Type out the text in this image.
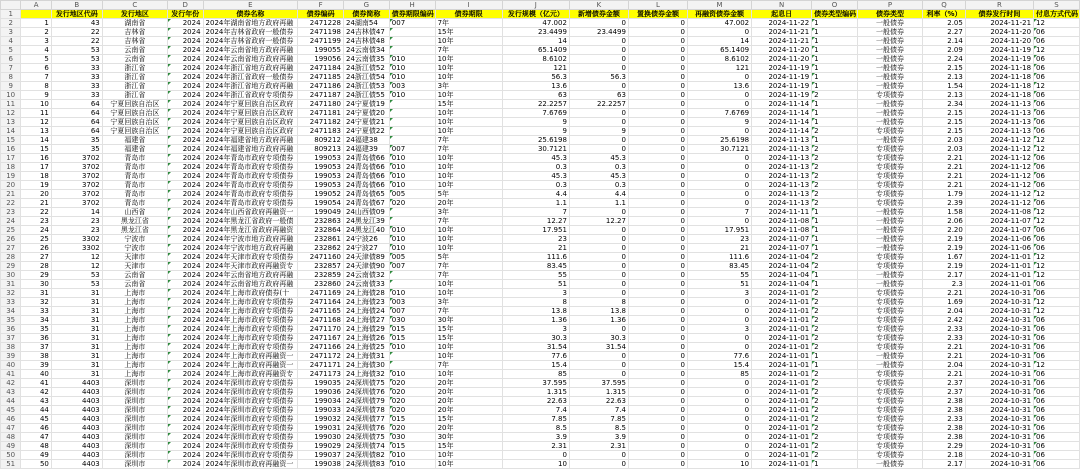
	A	B	C	D	E	F	G	H	I	J	K	L	M	N	O	P	Q	R	S
1		发行地区代码	发行地区	发行年份	债券名称	债券编码	债券简称	债券期限编码	债券期限	发行规模（亿元）	新增债券金额	置换债券金额	再融资债券金额	起息日	债券类型编码	债券类型	利率（%）	债券发行时间	付息方式代码
2	1	43	湖南省	2024	2024年湖南省地方政府再融	2471228	24湖南54	007	7年	47.002	0	0	47.002	2024-11-22	1	一般债券	2.05	2024-11-21	12
3	2	22	吉林省	2024	2024年吉林省政府一般债券	2471198	24吉林债47		15年	23.4499	23.4499	0	0	2024-11-21	1	一般债券	2.27	2024-11-20	06
4	3	22	吉林省	2024	2024年吉林省政府一般债券	2471199	24吉林债48		10年	14	0	0	14	2024-11-21	1	一般债券	2.14	2024-11-20	06
5	4	53	云南省	2024	2024年云南省地方政府再融	199055	24云南债34		7年	65.1409	0	0	65.1409	2024-11-20	1	一般债券	2.09	2024-11-19	12
6	5	53	云南省	2024	2024年云南省地方政府再融	199056	24云南债35	010	10年	8.6102	0	0	8.6102	2024-11-20	1	一般债券	2.24	2024-11-19	06
7	6	33	浙江省	2024	2024年浙江省地方政府再融	2471184	24浙江债52	010	10年	121	0	0	121	2024-11-19	1	一般债券	2.15	2024-11-18	06
8	7	33	浙江省	2024	2024年浙江省政府一般债券	2471185	24浙江债54	010	10年	56.3	56.3	0	0	2024-11-19	1	一般债券	2.13	2024-11-18	06
9	8	33	浙江省	2024	2024年浙江省地方政府再融	2471186	24浙江债53	003	3年	13.6	0	0	13.6	2024-11-19	1	一般债券	1.54	2024-11-18	12
10	9	33	浙江省	2024	2024年浙江省政府专项债券	2471187	24浙江债55	010	10年	63	63	0	0	2024-11-19	2	专项债券	2.13	2024-11-18	06
11	10	64	宁夏回族自治区	2024	2024年宁夏回族自治区政府	2471180	24宁夏债19		15年	22.2257	22.2257	0	0	2024-11-14	1	一般债券	2.34	2024-11-13	06
12	11	64	宁夏回族自治区	2024	2024年宁夏回族自治区政府	2471181	24宁夏债20		10年	7.6769	0	0	7.6769	2024-11-14	1	一般债券	2.15	2024-11-13	06
13	12	64	宁夏回族自治区	2024	2024年宁夏回族自治区政府	2471182	24宁夏债21		10年	9	0	0	9	2024-11-14	1	一般债券	2.15	2024-11-13	06
14	13	64	宁夏回族自治区	2024	2024年宁夏回族自治区政府	2471183	24宁夏债22		10年	9	9	0	0	2024-11-14	2	专项债券	2.15	2024-11-13	06
15	14	35	福建省	2024	2024年福建省地方政府再融	809212	24福建38		7年	25.6198	0	0	25.6198	2024-11-13	1	一般债券	2.03	2024-11-12	12
16	15	35	福建省	2024	2024年福建省地方政府再融	809213	24福建39	007	7年	30.7121	0	0	30.7121	2024-11-13	2	专项债券	2.03	2024-11-12	12
17	16	3702	青岛市	2024	2024年青岛市政府专项债券	199053	24青岛债66	010	10年	45.3	45.3	0	0	2024-11-13	2	专项债券	2.21	2024-11-12	06
18	17	3702	青岛市	2024	2024年青岛市政府专项债券	199053	24青岛债66	010	10年	0.3	0.3	0	0	2024-11-13	2	专项债券	2.21	2024-11-12	06
19	18	3702	青岛市	2024	2024年青岛市政府专项债券	199053	24青岛债66	010	10年	45.3	45.3	0	0	2024-11-13	2	专项债券	2.21	2024-11-12	06
20	19	3702	青岛市	2024	2024年青岛市政府专项债券	199053	24青岛债66	010	10年	0.3	0.3	0	0	2024-11-13	2	专项债券	2.21	2024-11-12	06
21	20	3702	青岛市	2024	2024年青岛市政府专项债券	199052	24青岛债65	005	5年	4.4	4.4	0	0	2024-11-13	2	专项债券	1.79	2024-11-12	12
22	21	3702	青岛市	2024	2024年青岛市政府专项债券	199054	24青岛债67	020	20年	1.1	1.1	0	0	2024-11-13	2	专项债券	2.39	2024-11-12	06
23	22	14	山西省	2024	2024年山西省政府再融资一	199049	24山西债09		3年	7	0	0	7	2024-11-11	1	一般债券	1.58	2024-11-08	12
24	23	23	黑龙江省	2024	2024年黑龙江省政府一般债	232863	24黑龙江39		7年	12.27	12.27	0	0	2024-11-08	1	一般债券	2.06	2024-11-07	12
25	24	23	黑龙江省	2024	2024年黑龙江省政府再融资	232864	24黑龙江40	010	10年	17.951	0	0	17.951	2024-11-08	1	一般债券	2.20	2024-11-07	06
26	25	3302	宁波市	2024	2024年宁波市地方政府再融	232861	24宁波26	010	10年	23	0	0	23	2024-11-07	1	一般债券	2.19	2024-11-06	06
27	26	3302	宁波市	2024	2024年宁波市地方政府再融	232862	24宁波27	010	10年	21	0	0	21	2024-11-07	1	一般债券	2.19	2024-11-06	06
28	27	12	天津市	2024	2024年天津市政府专项债券	2471160	24天津债89	005	5年	111.6	0	0	111.6	2024-11-04	2	专项债券	1.67	2024-11-01	12
29	28	12	天津市	2024	2024年天津市政府再融资专	232857	24天津债90	007	7年	83.45	0	0	83.45	2024-11-04	2	专项债券	2.19	2024-11-01	12
30	29	53	云南省	2024	2024年云南省地方政府再融	232859	24云南债32		7年	55	0	0	55	2024-11-04	1	一般债券	2.17	2024-11-01	12
31	30	53	云南省	2024	2024年云南省地方政府再融	232860	24云南债33		10年	51	0	0	51	2024-11-04	1	一般债券	2.3	2024-11-01	06
32	31	31	上海市	2024	2024年上海市政府债券(十	2471169	24上海债28	010	10年	3	0	0	3	2024-11-01	2	专项债券	2.21	2024-10-31	06
33	32	31	上海市	2024	2024年上海市政府专项债券	2471164	24上海债23	003	3年	8	8	0	0	2024-11-01	2	专项债券	1.69	2024-10-31	12
34	33	31	上海市	2024	2024年上海市政府专项债券	2471165	24上海债24	007	7年	13.8	13.8	0	0	2024-11-01	2	专项债券	2.04	2024-10-31	12
35	34	31	上海市	2024	2024年上海市政府专项债券	2471168	24上海债27	030	30年	1.36	1.36	0	0	2024-11-01	2	专项债券	2.42	2024-10-31	06
36	35	31	上海市	2024	2024年上海市政府专项债券	2471170	24上海债29	015	15年	3	0	0	3	2024-11-01	2	专项债券	2.33	2024-10-31	06
37	36	31	上海市	2024	2024年上海市政府专项债券	2471167	24上海债26	015	15年	30.3	30.3	0	0	2024-11-01	2	专项债券	2.33	2024-10-31	06
38	37	31	上海市	2024	2024年上海市政府专项债券	2471166	24上海债25	010	10年	31.54	31.54	0	0	2024-11-01	2	专项债券	2.21	2024-10-31	06
39	38	31	上海市	2024	2024年上海市政府再融资一	2471172	24上海债31		10年	77.6	0	0	77.6	2024-11-01	1	一般债券	2.21	2024-10-31	06
40	39	31	上海市	2024	2024年上海市政府再融资一	2471171	24上海债30		7年	15.4	0	0	15.4	2024-11-01	1	一般债券	2.04	2024-10-31	12
41	40	31	上海市	2024	2024年上海市政府再融资专	2471173	24上海债32	010	10年	85	0	0	85	2024-11-01	2	专项债券	2.21	2024-10-31	06
42	41	4403	深圳市	2024	2024年深圳市政府专项债券	199035	24深圳债75	020	20年	37.595	37.595	0	0	2024-11-01	2	专项债券	2.37	2024-10-31	06
43	42	4403	深圳市	2024	2024年深圳市政府专项债券	199036	24深圳债76	020	20年	1.315	1.315	0	0	2024-11-01	2	专项债券	2.37	2024-10-31	06
44	43	4403	深圳市	2024	2024年深圳市政府专项债券	199034	24深圳债79	020	20年	22.63	22.63	0	0	2024-11-01	2	专项债券	2.38	2024-10-31	06
45	44	4403	深圳市	2024	2024年深圳市政府专项债券	199033	24深圳债78	020	20年	7.4	7.4	0	0	2024-11-01	2	专项债券	2.38	2024-10-31	06
46	45	4403	深圳市	2024	2024年深圳市政府专项债券	199032	24深圳债77	015	15年	7.85	7.85	0	0	2024-11-01	2	专项债券	2.33	2024-10-31	06
47	46	4403	深圳市	2024	2024年深圳市政府专项债券	199031	24深圳债76	020	20年	8.5	8.5	0	0	2024-11-01	2	专项债券	2.38	2024-10-31	06
48	47	4403	深圳市	2024	2024年深圳市政府专项债券	199030	24深圳债75	030	30年	3.9	3.9	0	0	2024-11-01	2	专项债券	2.38	2024-10-31	06
49	48	4403	深圳市	2024	2024年深圳市政府专项债券	199029	24深圳债74	015	15年	2.31	2.31	0	0	2024-11-01	2	专项债券	2.29	2024-10-31	06
50	49	4403	深圳市	2024	2024年深圳市政府专项债券	199037	24深圳债82	010	10年	0	0	0	0	2024-11-01	2	专项债券	2.18	2024-10-31	06
51	50	4403	深圳市	2024	2024年深圳市政府再融资一	199038	24深圳债83	010	10年	10	0	0	10	2024-11-01	1	一般债券	2.17	2024-10-31	06
